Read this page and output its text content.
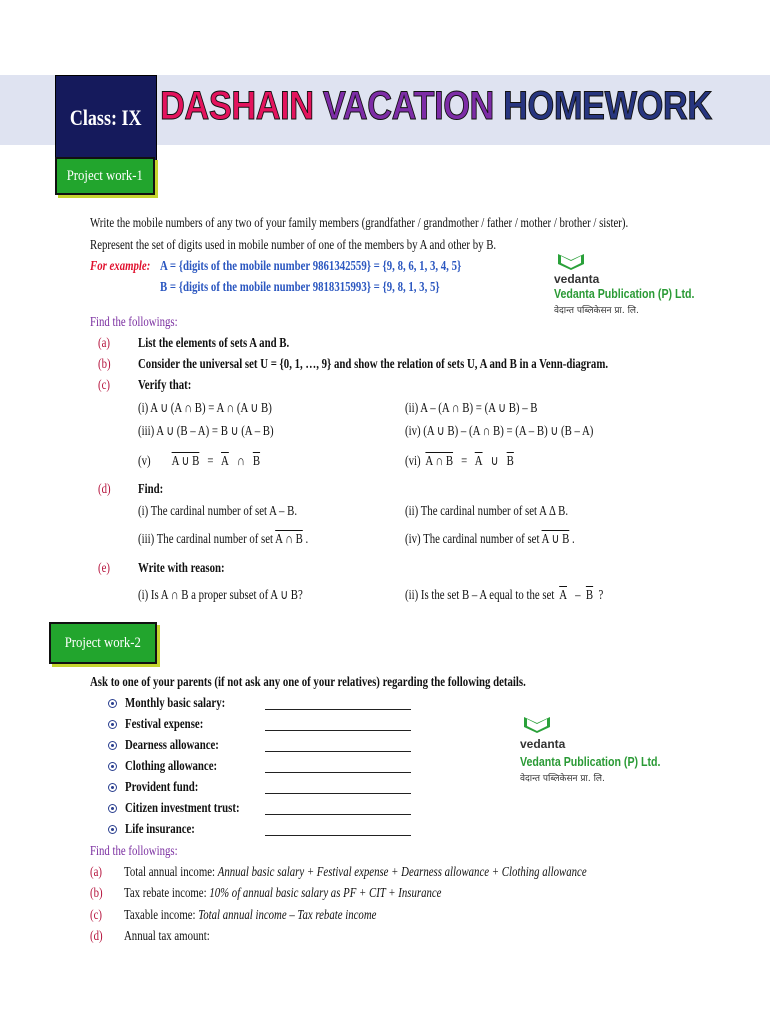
Class: IX DASHAIN VACATION HOMEWORK
Project work-1
Write the mobile numbers of any two of your family members (grandfather / grandmother / father / mother / brother / sister).
Represent the set of digits used in mobile number of one of the members by A and other by B.
For example: A = {digits of the mobile number 9861342559} = {9, 8, 6, 1, 3, 4, 5}
B = {digits of the mobile number 9818315993} = {9, 8, 1, 3, 5}	vedanta
Vedanta Publication (P) Ltd.
वेदान्त पब्लिकेसन प्रा. लि.
Find the followings:
(a) List the elements of sets A and B.
(b) Consider the universal set U = {0, 1, …, 9} and show the relation of sets U, A and B in a Venn-diagram.
(c) Verify that:
(i) A ∪ (A ∩ B) = A ∩ (A ∪ B)	(ii) A – (A ∩ B) = (A ∪ B) – B
(iii) A ∪ (B – A) = B ∪ (A – B)	(iv) (A ∪ B) – (A ∩ B) = (A – B) ∪ (B – A)
(v) A ∪ $B = \overline{A}$ ∩ $\overline{B}$	(vi) A ∩ $B = \overline{A}$ ∪ $\overline{B}$
(d) Find:
(i) The cardinal number of set A – B.	(ii) The cardinal number of set A Δ B.
(iii) The cardinal number of set A ∩ B .	(iv) The cardinal number of set A ∪ B .
(e) Write with reason:
(i) Is A ∩ B a proper subset of A ∪ B?	(ii) Is the set B – A equal to the set $\overline{A} - \overline{B}$ ?
Project work-2
Ask to one of your parents (if not ask any one of your relatives) regarding the following details.
Monthly basic salary:
Festival expense:
Dearness allowance:
Clothing allowance:
Provident fund:
Citizen investment trust:
Life insurance:
vedanta
Vedanta Publication (P) Ltd.
वेदान्त पब्लिकेसन प्रा. लि.
Find the followings:
(a) Total annual income: Annual basic salary + Festival expense + Dearness allowance + Clothing allowance
(b) Tax rebate income: 10% of annual basic salary as PF + CIT + Insurance
(c) Taxable income: Total annual income – Tax rebate income
(d) Annual tax amount:
